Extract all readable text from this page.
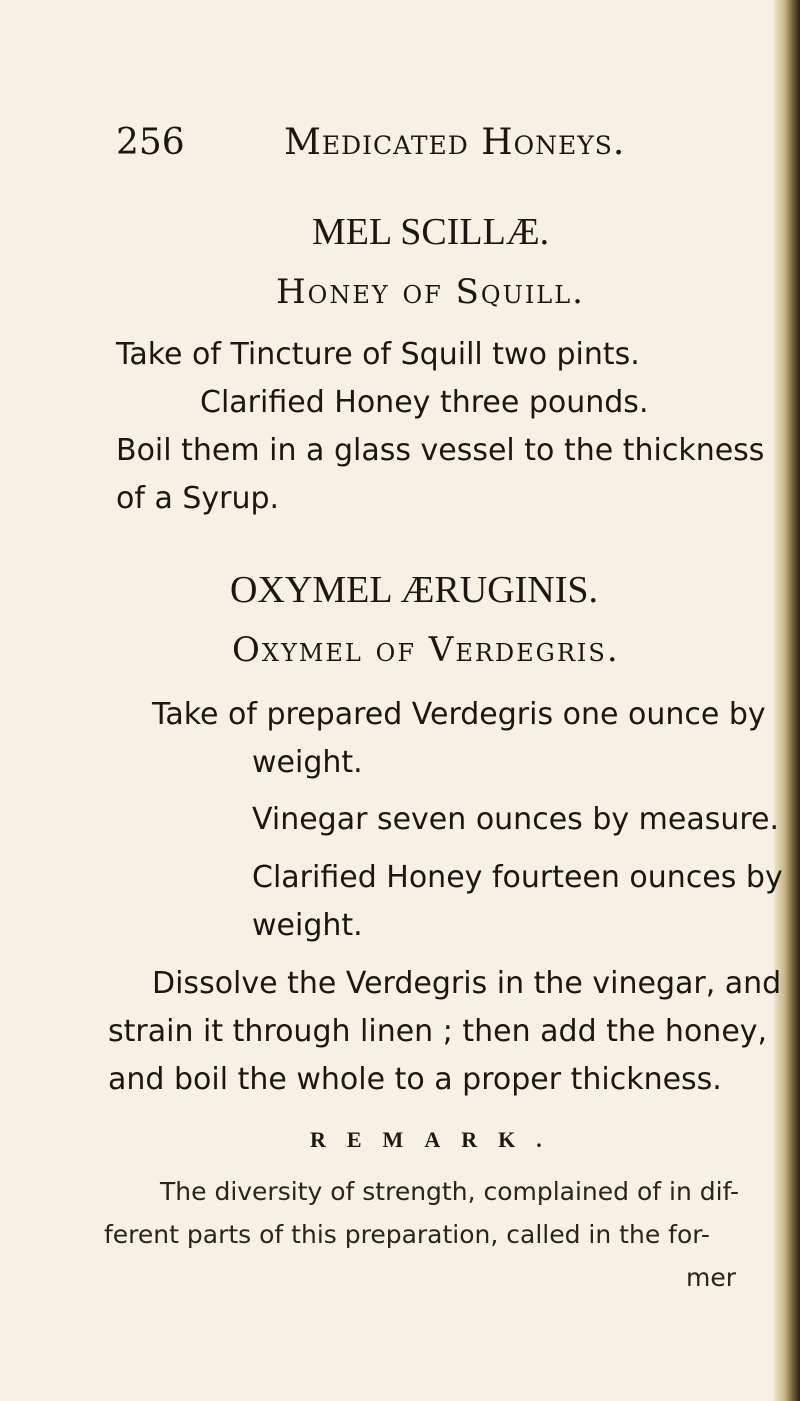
256	Medicated Honeys.
MEL SCILLÆ.
Honey of Squill.
Take of Tincture of Squill two pints.
Clarified Honey three pounds.
Boil them in a glass vessel to the thickness
of a Syrup.
OXYMEL ÆRUGINIS.
Oxymel of Verdegris.
Take of prepared Verdegris one ounce by
weight.
Vinegar seven ounces by measure.
Clarified Honey fourteen ounces by
weight.
Dissolve the Verdegris in the vinegar, and
strain it through linen ; then add the honey,
and boil the whole to a proper thickness.
REMARK.
The diversity of strength, complained of in dif-
ferent parts of this preparation, called in the for-
mer
